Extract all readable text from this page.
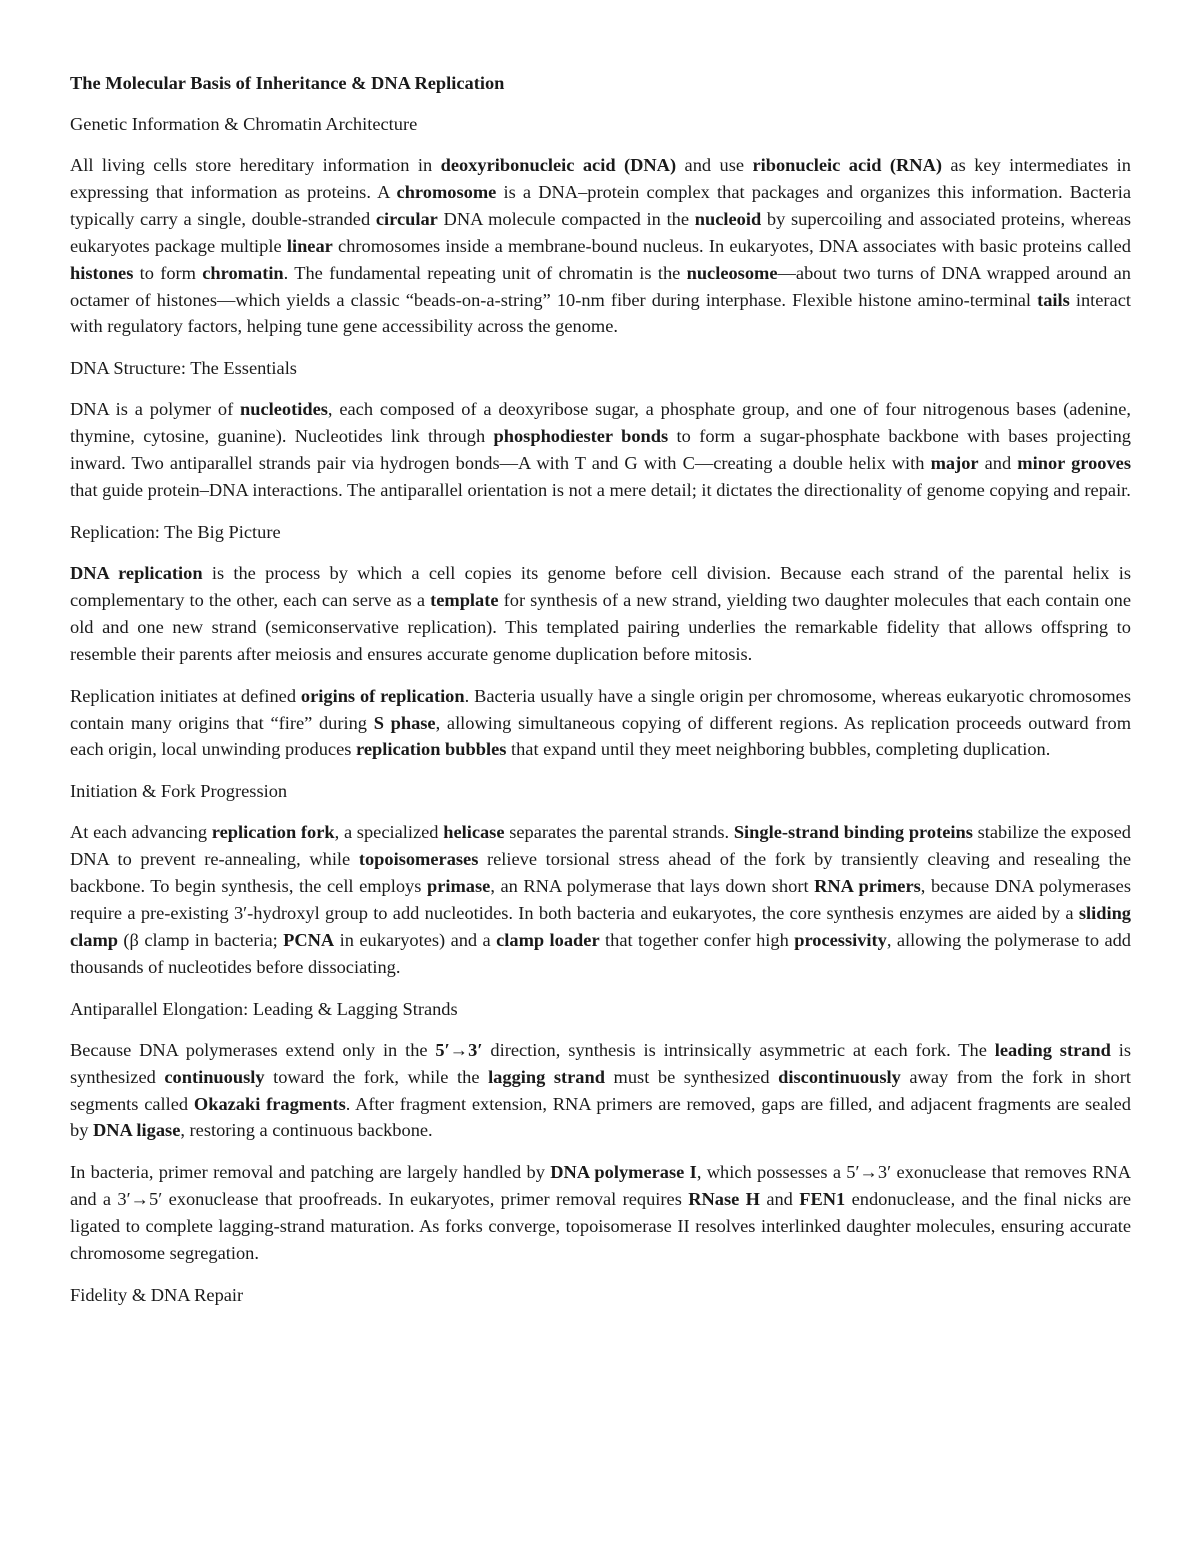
The Molecular Basis of Inheritance & DNA Replication
Genetic Information & Chromatin Architecture
All living cells store hereditary information in deoxyribonucleic acid (DNA) and use ribonucleic acid (RNA) as key intermediates in expressing that information as proteins. A chromosome is a DNA–protein complex that packages and organizes this information. Bacteria typically carry a single, double-stranded circular DNA molecule compacted in the nucleoid by supercoiling and associated proteins, whereas eukaryotes package multiple linear chromosomes inside a membrane-bound nucleus. In eukaryotes, DNA associates with basic proteins called histones to form chromatin. The fundamental repeating unit of chromatin is the nucleosome—about two turns of DNA wrapped around an octamer of histones—which yields a classic “beads-on-a-string” 10-nm fiber during interphase. Flexible histone amino-terminal tails interact with regulatory factors, helping tune gene accessibility across the genome.
DNA Structure: The Essentials
DNA is a polymer of nucleotides, each composed of a deoxyribose sugar, a phosphate group, and one of four nitrogenous bases (adenine, thymine, cytosine, guanine). Nucleotides link through phosphodiester bonds to form a sugar-phosphate backbone with bases projecting inward. Two antiparallel strands pair via hydrogen bonds—A with T and G with C—creating a double helix with major and minor grooves that guide protein–DNA interactions. The antiparallel orientation is not a mere detail; it dictates the directionality of genome copying and repair.
Replication: The Big Picture
DNA replication is the process by which a cell copies its genome before cell division. Because each strand of the parental helix is complementary to the other, each can serve as a template for synthesis of a new strand, yielding two daughter molecules that each contain one old and one new strand (semiconservative replication). This templated pairing underlies the remarkable fidelity that allows offspring to resemble their parents after meiosis and ensures accurate genome duplication before mitosis.
Replication initiates at defined origins of replication. Bacteria usually have a single origin per chromosome, whereas eukaryotic chromosomes contain many origins that “fire” during S phase, allowing simultaneous copying of different regions. As replication proceeds outward from each origin, local unwinding produces replication bubbles that expand until they meet neighboring bubbles, completing duplication.
Initiation & Fork Progression
At each advancing replication fork, a specialized helicase separates the parental strands. Single-strand binding proteins stabilize the exposed DNA to prevent re-annealing, while topoisomerases relieve torsional stress ahead of the fork by transiently cleaving and resealing the backbone. To begin synthesis, the cell employs primase, an RNA polymerase that lays down short RNA primers, because DNA polymerases require a pre-existing 3′-hydroxyl group to add nucleotides. In both bacteria and eukaryotes, the core synthesis enzymes are aided by a sliding clamp (β clamp in bacteria; PCNA in eukaryotes) and a clamp loader that together confer high processivity, allowing the polymerase to add thousands of nucleotides before dissociating.
Antiparallel Elongation: Leading & Lagging Strands
Because DNA polymerases extend only in the 5′→3′ direction, synthesis is intrinsically asymmetric at each fork. The leading strand is synthesized continuously toward the fork, while the lagging strand must be synthesized discontinuously away from the fork in short segments called Okazaki fragments. After fragment extension, RNA primers are removed, gaps are filled, and adjacent fragments are sealed by DNA ligase, restoring a continuous backbone.
In bacteria, primer removal and patching are largely handled by DNA polymerase I, which possesses a 5′→3′ exonuclease that removes RNA and a 3′→5′ exonuclease that proofreads. In eukaryotes, primer removal requires RNase H and FEN1 endonuclease, and the final nicks are ligated to complete lagging-strand maturation. As forks converge, topoisomerase II resolves interlinked daughter molecules, ensuring accurate chromosome segregation.
Fidelity & DNA Repair
